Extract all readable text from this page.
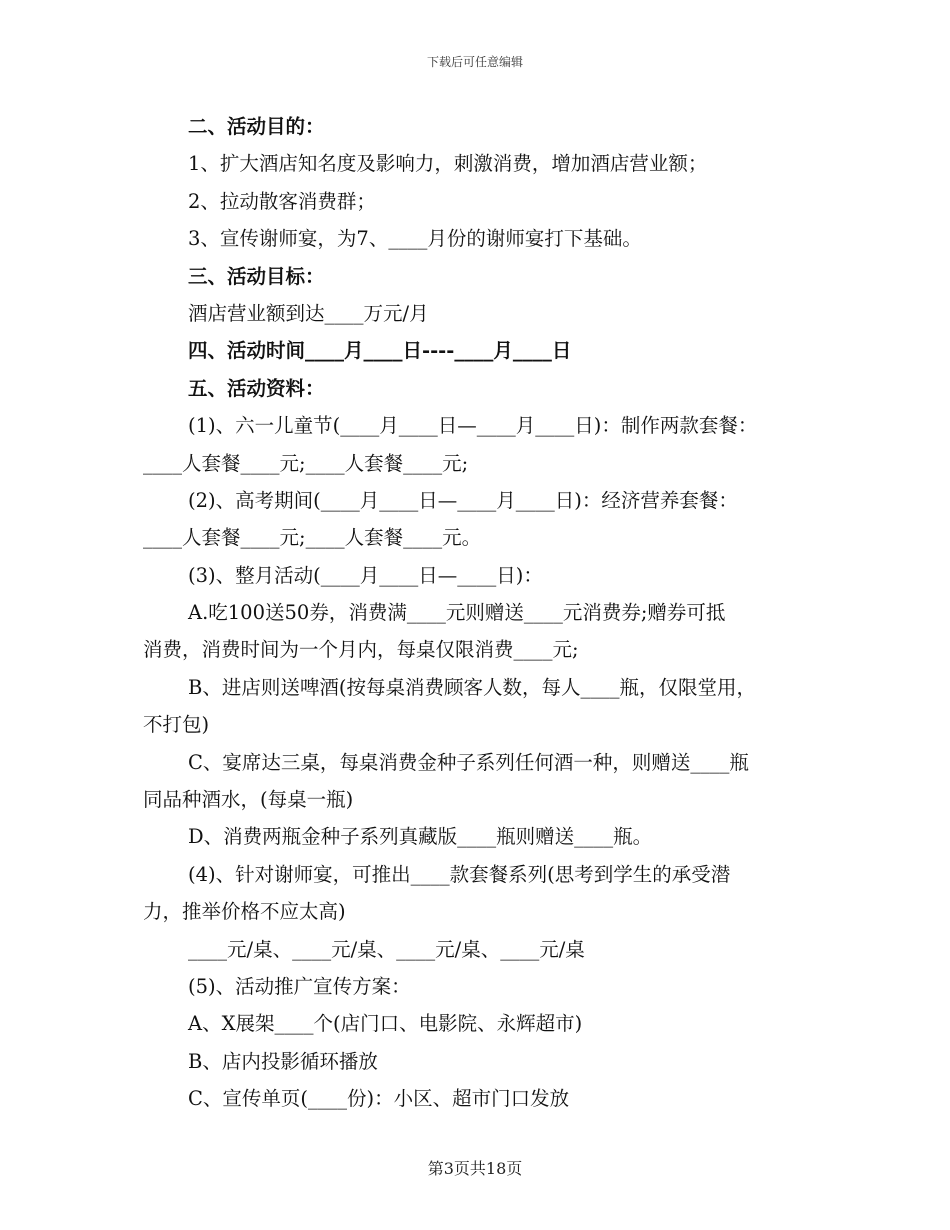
下载后可任意编辑
二、活动目的：
1、扩大酒店知名度及影响力，刺激消费，增加酒店营业额；
2、拉动散客消费群；
3、宣传谢师宴，为7、____月份的谢师宴打下基础。
三、活动目标：
酒店营业额到达____万元/月
四、活动时间____月____日----____月____日
五、活动资料：
(1)、六一儿童节(____月____日—____月____日)：制作两款套餐：
____人套餐____元;____人套餐____元;
(2)、高考期间(____月____日—____月____日)：经济营养套餐：
____人套餐____元;____人套餐____元。
(3)、整月活动(____月____日—____日)：
A.吃100送50券，消费满____元则赠送____元消费券;赠券可抵
消费，消费时间为一个月内，每桌仅限消费____元;
B、进店则送啤酒(按每桌消费顾客人数，每人____瓶，仅限堂用，
不打包)
C、宴席达三桌，每桌消费金种子系列任何酒一种，则赠送____瓶
同品种酒水，(每桌一瓶)
D、消费两瓶金种子系列真藏版____瓶则赠送____瓶。
(4)、针对谢师宴，可推出____款套餐系列(思考到学生的承受潜
力，推举价格不应太高)
____元/桌、____元/桌、____元/桌、____元/桌
(5)、活动推广宣传方案：
A、X展架____个(店门口、电影院、永辉超市)
B、店内投影循环播放
C、宣传单页(____份)：小区、超市门口发放
第3页共18页
